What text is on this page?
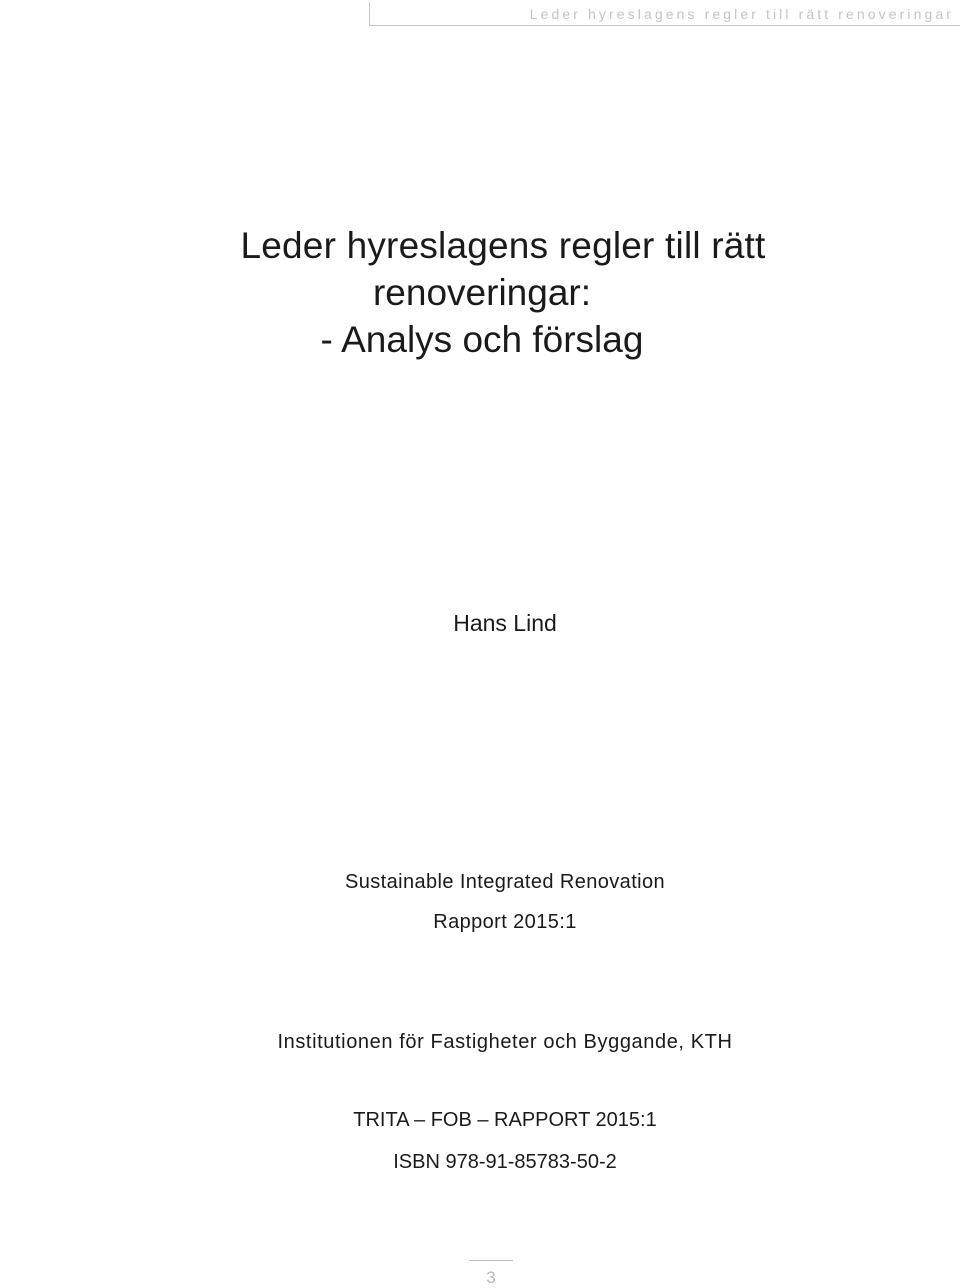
Leder hyreslagens regler till rätt renoveringar
Leder hyreslagens regler till rätt
renoveringar:
- Analys och förslag
Hans Lind
Sustainable Integrated Renovation
Rapport 2015:1
Institutionen för Fastigheter och Byggande, KTH
TRITA – FOB – RAPPORT 2015:1
ISBN 978-91-85783-50-2
3
